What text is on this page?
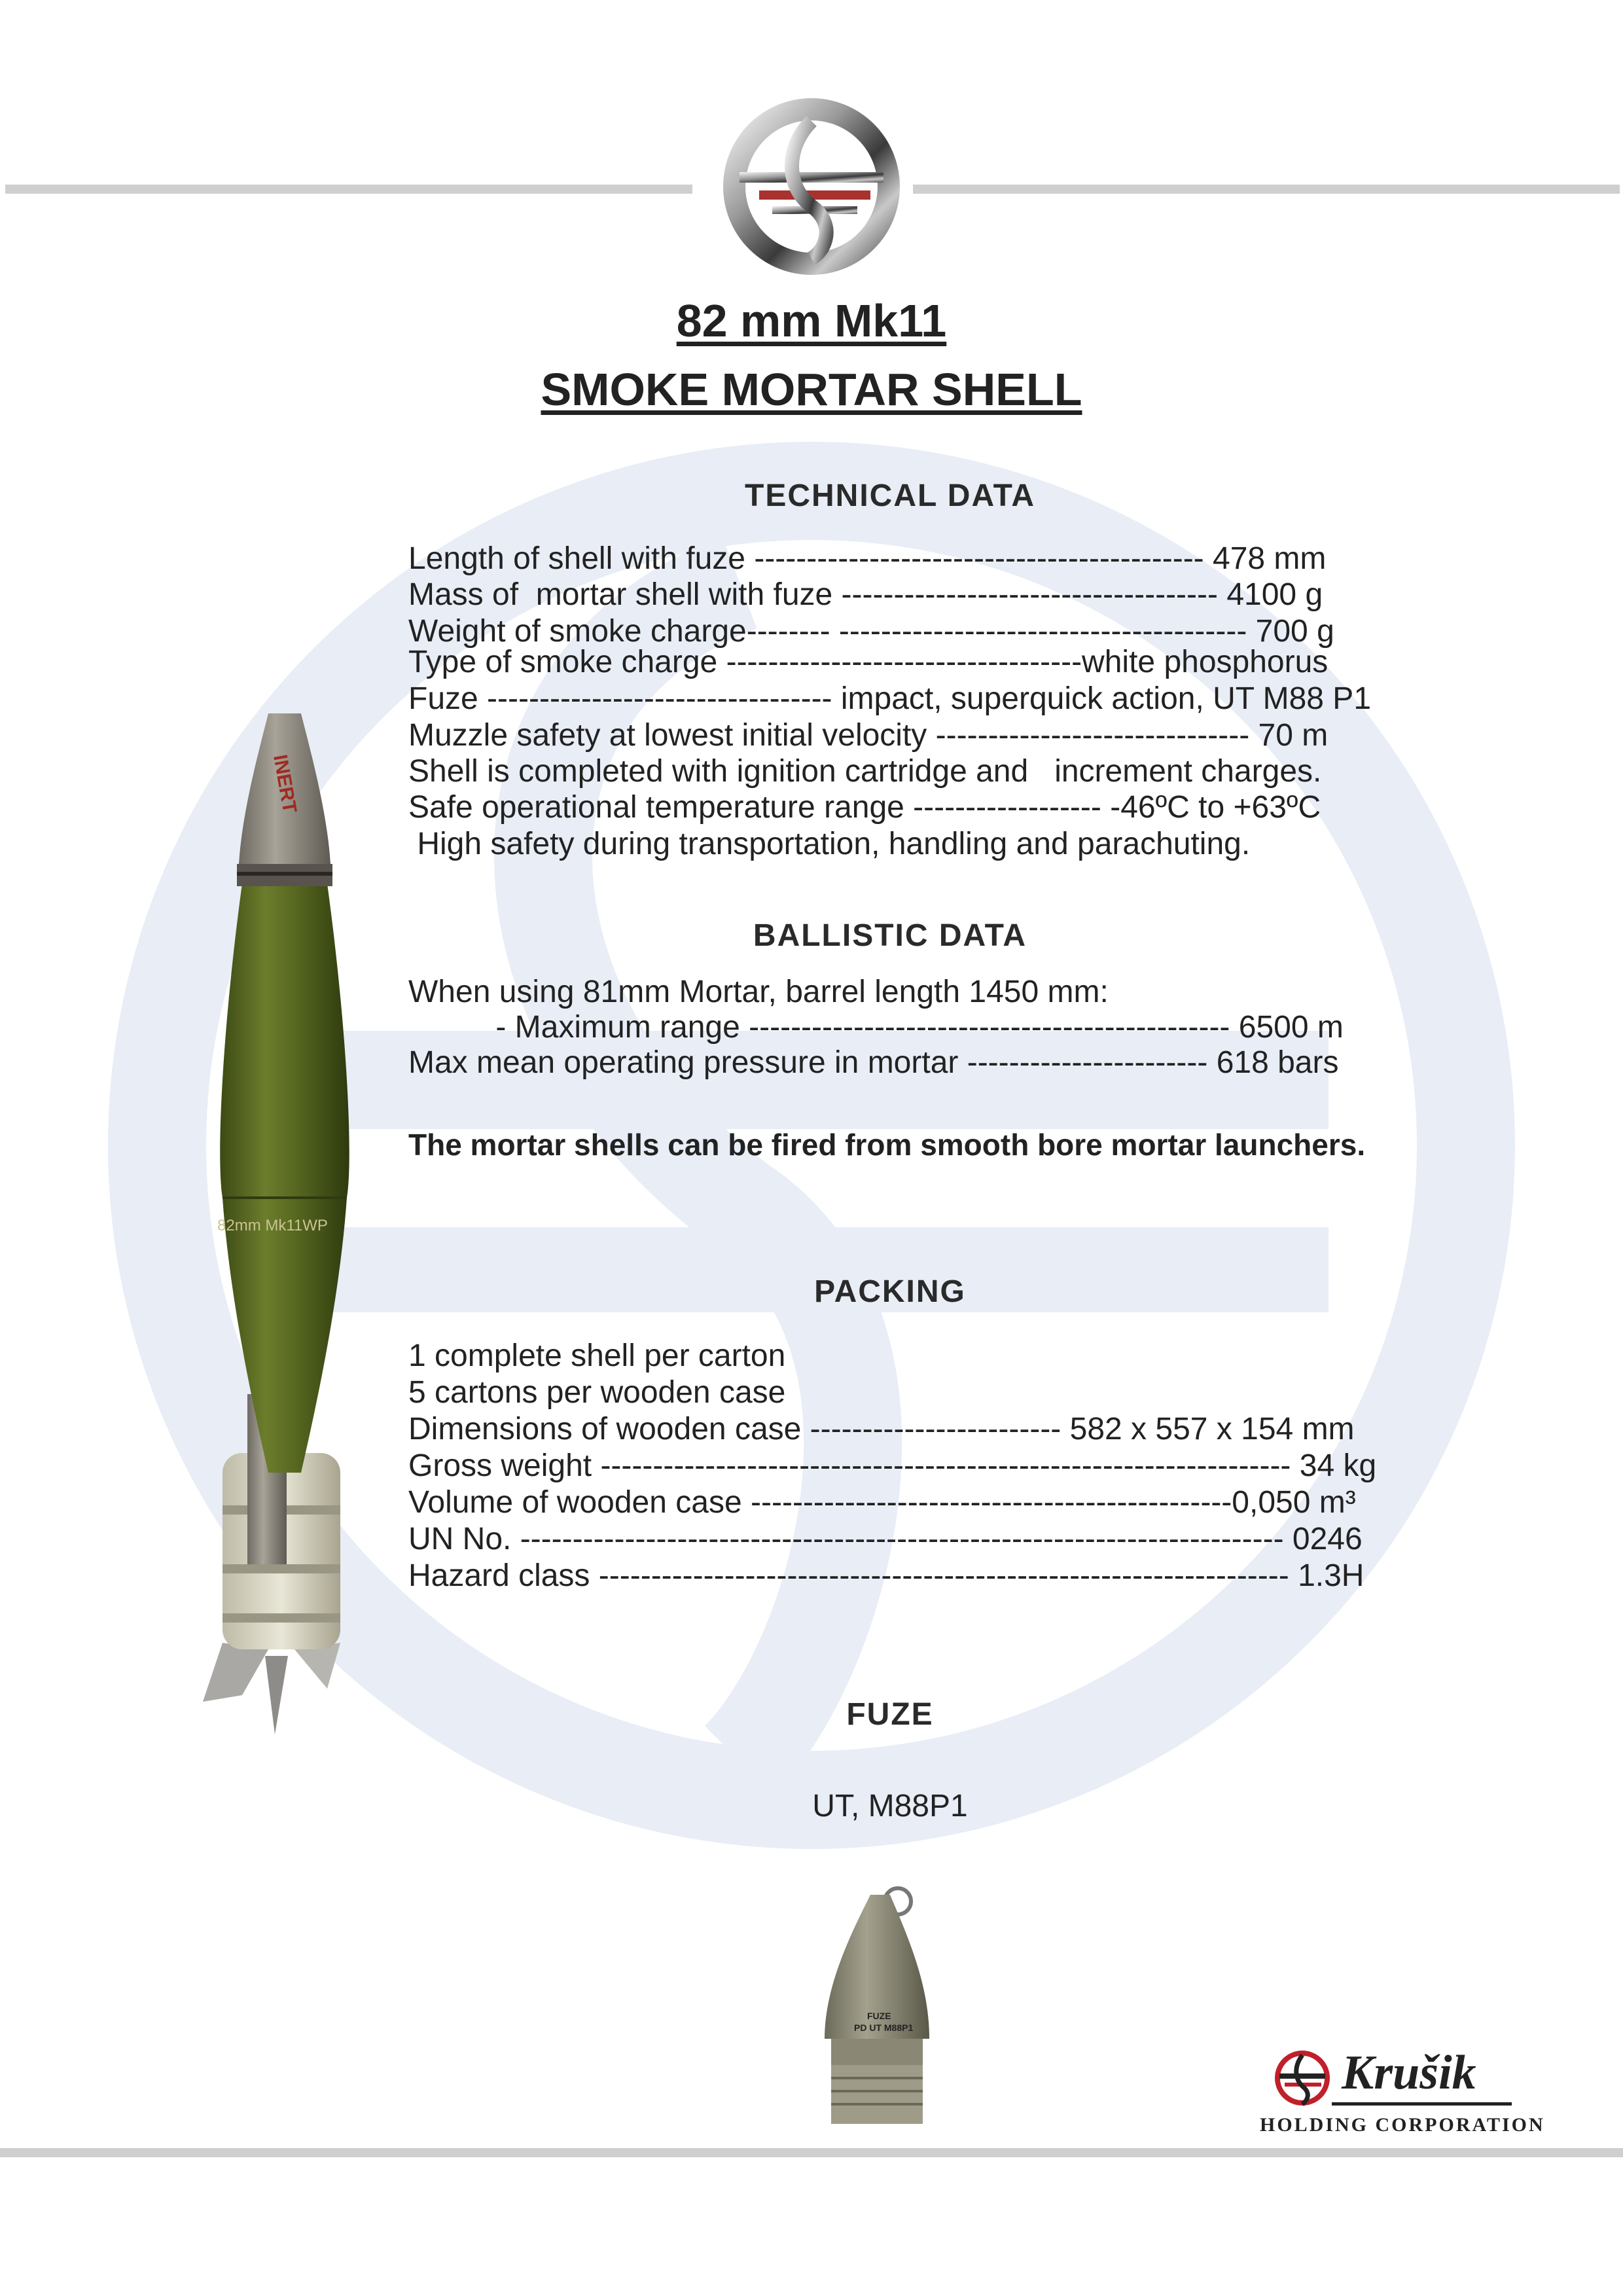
82 mm Mk11
SMOKE MORTAR SHELL
TECHNICAL DATA
Length of shell with fuze ------------------------------------------- 478 mm
Mass of  mortar shell with fuze ------------------------------------ 4100 g
Weight of smoke charge-------- --------------------------------------- 700 g
Type of smoke charge ----------------------------------white phosphorus
Fuze --------------------------------- impact, superquick action, UT M88 P1
Muzzle safety at lowest initial velocity ------------------------------ 70 m
Shell is completed with ignition cartridge and   increment charges.
Safe operational temperature range ------------------ -46ºC to +63ºC
High safety during transportation, handling and parachuting.
BALLISTIC DATA
When using 81mm Mortar, barrel length 1450 mm:
- Maximum range ---------------------------------------------- 6500 m
Max mean operating pressure in mortar ----------------------- 618 bars
The mortar shells can be fired from smooth bore mortar launchers.
PACKING
1 complete shell per carton
5 cartons per wooden case
Dimensions of wooden case ------------------------ 582 x 557 x 154 mm
Gross weight ------------------------------------------------------------------ 34 kg
Volume of wooden case ----------------------------------------------0,050 m³
UN No. ------------------------------------------------------------------------- 0246
Hazard class ------------------------------------------------------------------ 1.3H
FUZE
UT, M88P1
INERT
82mm Mk11WP
FUZE
PD UT M88P1
Krušik
HOLDING CORPORATION
